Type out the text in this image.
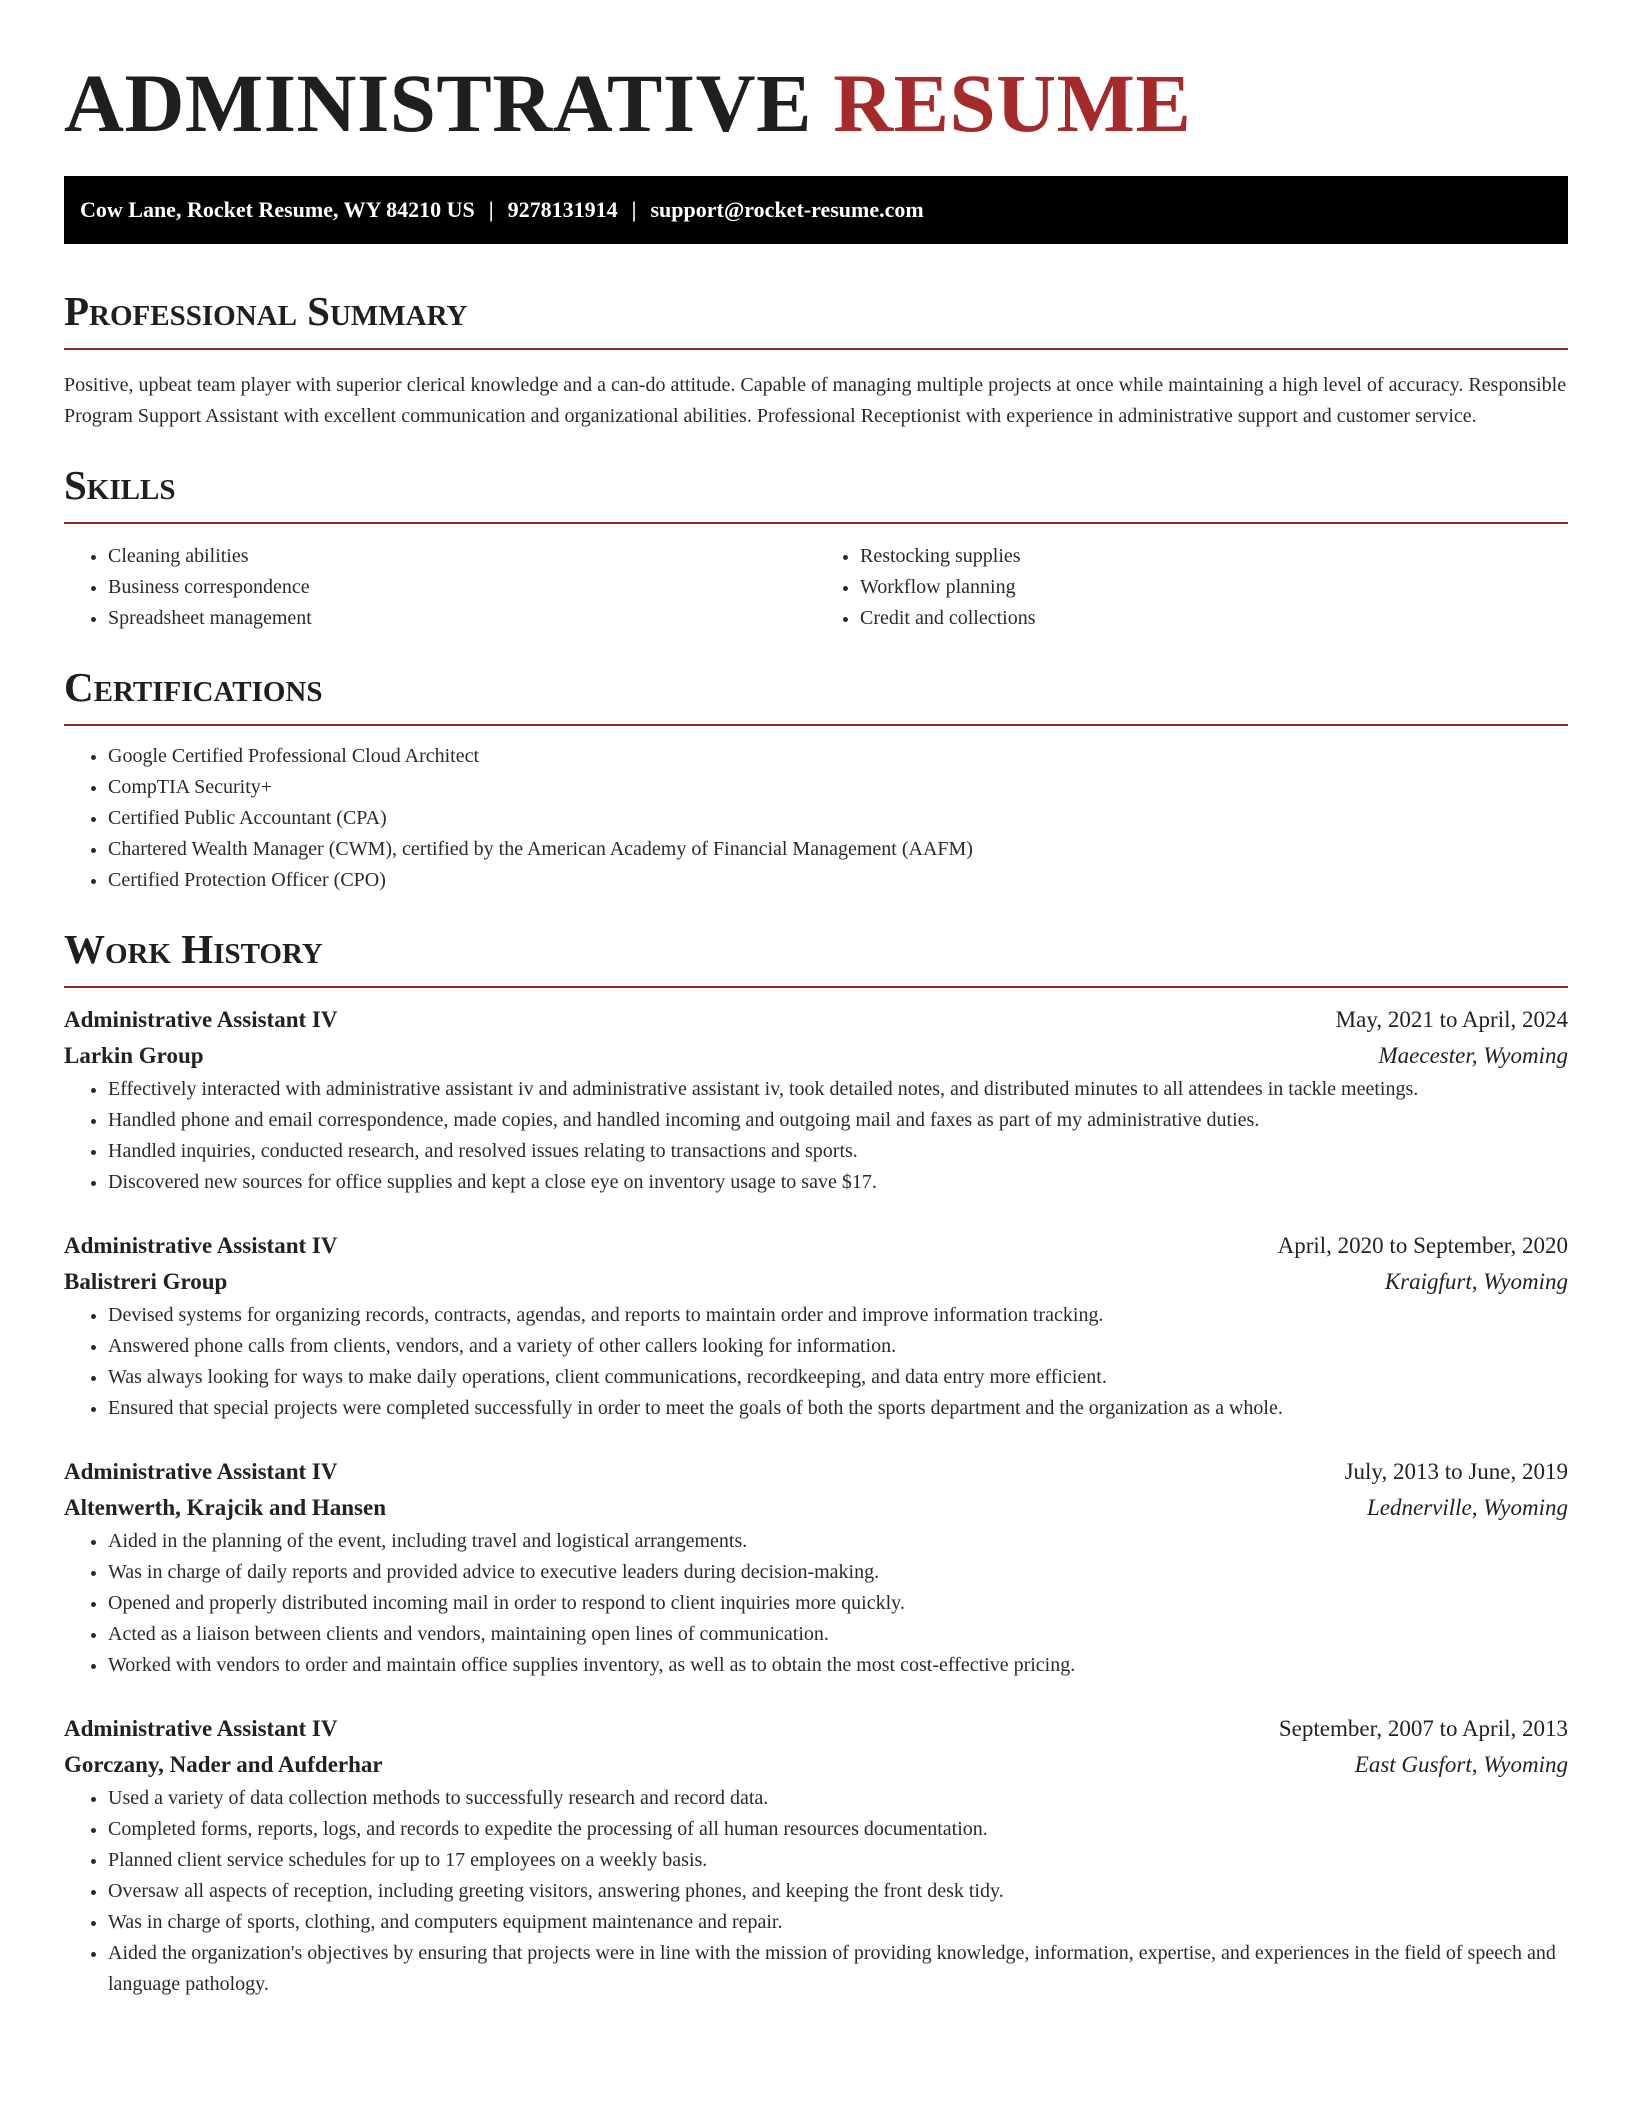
ADMINISTRATIVE RESUME
Cow Lane, Rocket Resume, WY 84210 US | 9278131914 | support@rocket-resume.com
Professional Summary

Positive, upbeat team player with superior clerical knowledge and a can-do attitude. Capable of managing multiple projects at once while maintaining a high level of accuracy. Responsible Program Support Assistant with excellent communication and organizational abilities. Professional Receptionist with experience in administrative support and customer service.

Skills
• Cleaning abilities
• Business correspondence
• Spreadsheet management
• Restocking supplies
• Workflow planning
• Credit and collections
Certifications
• Google Certified Professional Cloud Architect
• CompTIA Security+
• Certified Public Accountant (CPA)
• Chartered Wealth Manager (CWM), certified by the American Academy of Financial Management (AAFM)
• Certified Protection Officer (CPO)
Work History
Administrative Assistant IV	May, 2021 to April, 2024
Larkin Group	Maecester, Wyoming
• Effectively interacted with administrative assistant iv and administrative assistant iv, took detailed notes, and distributed minutes to all attendees in tackle meetings.
• Handled phone and email correspondence, made copies, and handled incoming and outgoing mail and faxes as part of my administrative duties.
• Handled inquiries, conducted research, and resolved issues relating to transactions and sports.
• Discovered new sources for office supplies and kept a close eye on inventory usage to save $17.
Administrative Assistant IV	April, 2020 to September, 2020
Balistreri Group	Kraigfurt, Wyoming
• Devised systems for organizing records, contracts, agendas, and reports to maintain order and improve information tracking.
• Answered phone calls from clients, vendors, and a variety of other callers looking for information.
• Was always looking for ways to make daily operations, client communications, recordkeeping, and data entry more efficient.
• Ensured that special projects were completed successfully in order to meet the goals of both the sports department and the organization as a whole.
Administrative Assistant IV	July, 2013 to June, 2019
Altenwerth, Krajcik and Hansen	Lednerville, Wyoming
• Aided in the planning of the event, including travel and logistical arrangements.
• Was in charge of daily reports and provided advice to executive leaders during decision-making.
• Opened and properly distributed incoming mail in order to respond to client inquiries more quickly.
• Acted as a liaison between clients and vendors, maintaining open lines of communication.
• Worked with vendors to order and maintain office supplies inventory, as well as to obtain the most cost-effective pricing.
Administrative Assistant IV	September, 2007 to April, 2013
Gorczany, Nader and Aufderhar	East Gusfort, Wyoming
• Used a variety of data collection methods to successfully research and record data.
• Completed forms, reports, logs, and records to expedite the processing of all human resources documentation.
• Planned client service schedules for up to 17 employees on a weekly basis.
• Oversaw all aspects of reception, including greeting visitors, answering phones, and keeping the front desk tidy.
• Was in charge of sports, clothing, and computers equipment maintenance and repair.
• Aided the organization's objectives by ensuring that projects were in line with the mission of providing knowledge, information, expertise, and experiences in the field of speech and language pathology.
